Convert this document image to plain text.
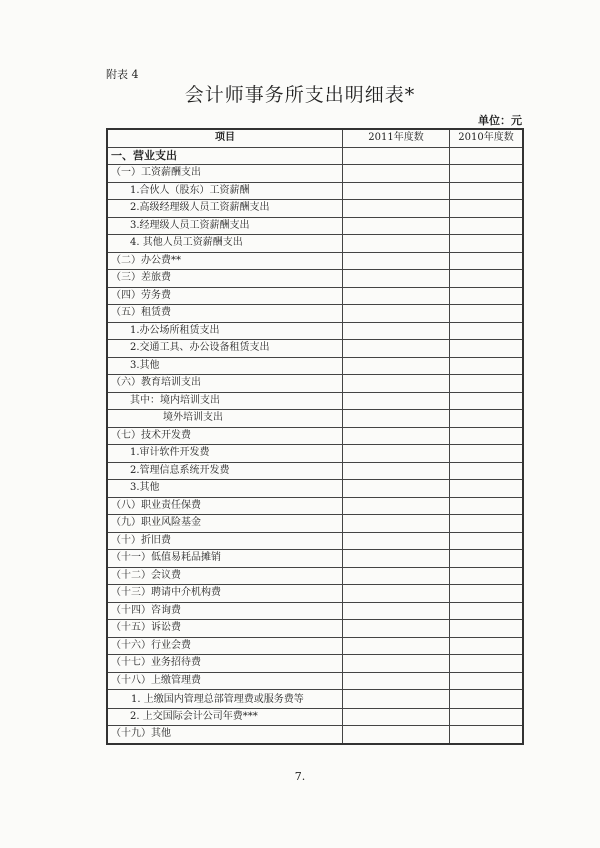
附表 4
会计师事务所支出明细表*
单位：元
项目	2011年度数	2010年度数
一、营业支出		
（一）工资薪酬支出		
1.合伙人（股东）工资薪酬		
2.高级经理级人员工资薪酬支出		
3.经理级人员工资薪酬支出		
4. 其他人员工资薪酬支出		
（二）办公费**		
（三）差旅费		
（四）劳务费		
（五）租赁费		
1.办公场所租赁支出		
2.交通工具、办公设备租赁支出		
3.其他		
（六）教育培训支出		
其中：境内培训支出		
境外培训支出		
（七）技术开发费		
1.审计软件开发费		
2.管理信息系统开发费		
3.其他		
（八）职业责任保费		
（九）职业风险基金		
（十）折旧费		
（十一）低值易耗品摊销		
（十二）会议费		
（十三）聘请中介机构费		
（十四）咨询费		
（十五）诉讼费		
（十六）行业会费		
（十七）业务招待费		
（十八）上缴管理费		
　　1. 上缴国内管理总部管理费或服务费等		
2. 上交国际会计公司年费***		
（十九）其他		
7.
